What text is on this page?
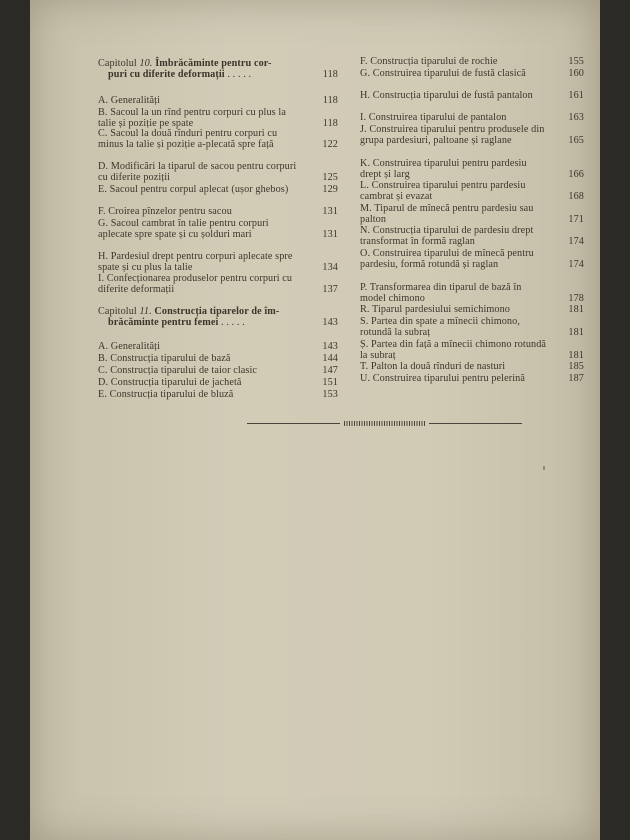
Capitolul 10. Îmbrăcăminte pentru cor-
puri cu diferite deformații . . . . .	118
A. Generalități	118
B. Sacoul la un rînd pentru corpuri cu plus la talie și poziție pe spate	118
C. Sacoul la două rînduri pentru corpuri cu minus la talie și poziție a-plecată spre față	122
D. Modificări la tiparul de sacou pentru corpuri cu diferite poziții	125
E. Sacoul pentru corpul aplecat (ușor ghebos)	129
F. Croirea pînzelor pentru sacou	131
G. Sacoul cambrat în talie pentru corpuri aplecate spre spate și cu șolduri mari	131
H. Pardesiul drept pentru corpuri aplecate spre spate și cu plus la talie	134
I. Confecționarea produselor pentru corpuri cu diferite deformații	137
Capitolul 11. Construcția tiparelor de îm-
brăcăminte pentru femei . . . . .	143
A. Generalități	143
B. Construcția tiparului de bază	144
C. Construcția tiparului de taior clasic	147
D. Construcția tiparului de jachetă	151
E. Construcția tiparului de bluză	153
F. Construcția tiparului de rochie	155
G. Construirea tiparului de fustă clasică	160
H. Construcția tiparului de fustă pantalon	161
I. Construirea tiparului de pantalon	163
J. Construirea tiparului pentru produsele din grupa pardesiuri, paltoane și raglane	165
K. Construirea tiparului pentru pardesiu drept și larg	166
L. Construirea tiparului pentru pardesiu cambrat și evazat	168
M. Tiparul de mînecă pentru pardesiu sau palton	171
N. Construcția tiparului de pardesiu drept transformat în formă raglan	174
O. Construirea tiparului de mînecă pentru pardesiu, formă rotundă și raglan	174
P. Transformarea din tiparul de bază în model chimono	178
R. Tiparul pardesiului semichimono	181
S. Partea din spate a mînecii chimono, rotundă la subraț	181
Ș. Partea din față a mînecii chimono rotundă la subraț	181
T. Palton la două rînduri de nasturi	185
U. Construirea tiparului pentru pelerină	187
